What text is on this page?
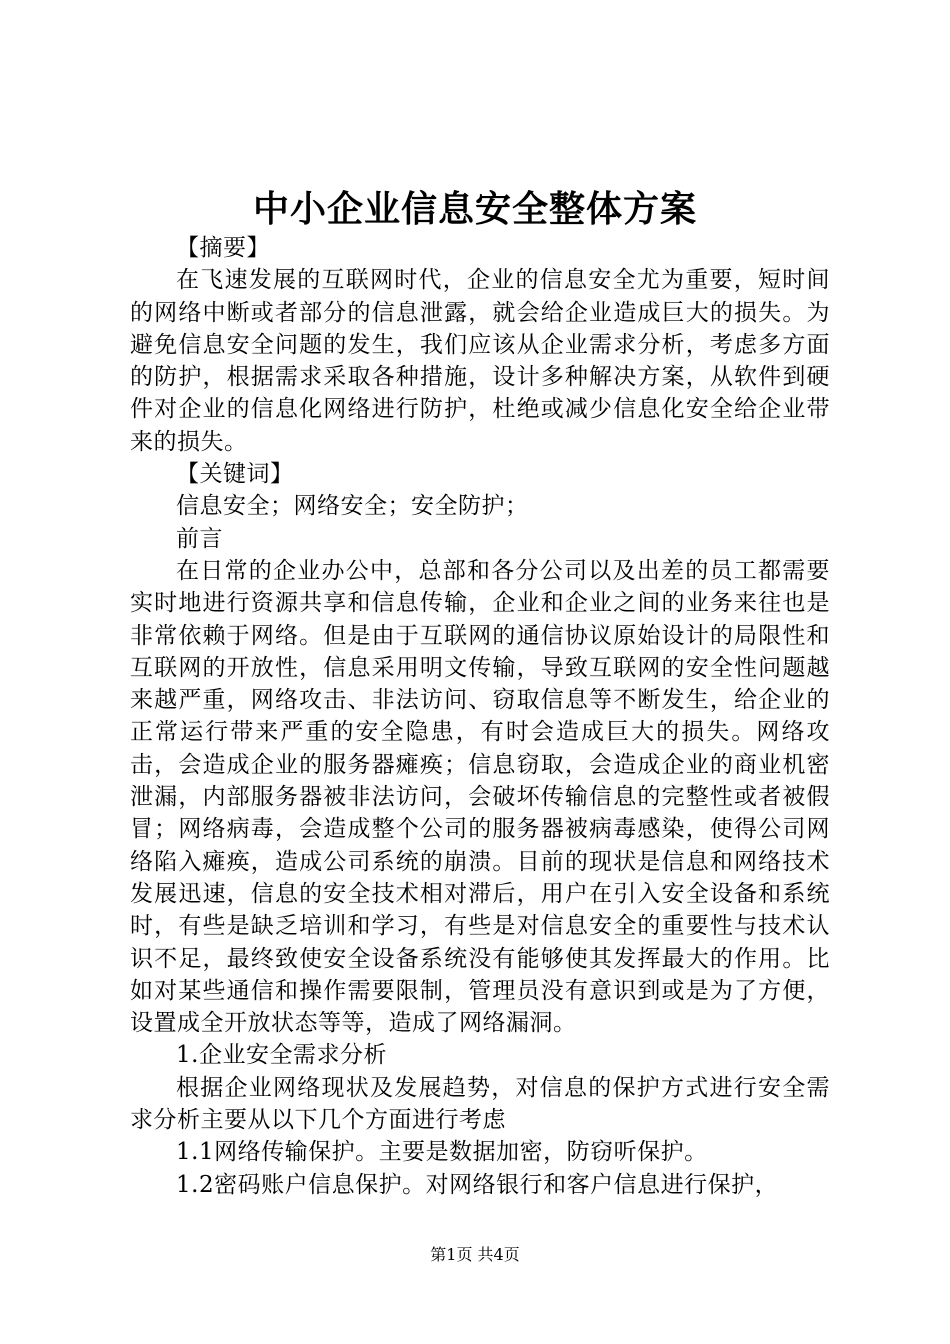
中小企业信息安全整体方案

【摘要】

在飞速发展的互联网时代，企业的信息安全尤为重要，短时间的网络中断或者部分的信息泄露，就会给企业造成巨大的损失。为避免信息安全问题的发生，我们应该从企业需求分析，考虑多方面的防护，根据需求采取各种措施，设计多种解决方案，从软件到硬件对企业的信息化网络进行防护，杜绝或减少信息化安全给企业带来的损失。

【关键词】

信息安全；网络安全；安全防护；

前言

在日常的企业办公中，总部和各分公司以及出差的员工都需要实时地进行资源共享和信息传输，企业和企业之间的业务来往也是非常依赖于网络。但是由于互联网的通信协议原始设计的局限性和互联网的开放性，信息采用明文传输，导致互联网的安全性问题越来越严重，网络攻击、非法访问、窃取信息等不断发生，给企业的正常运行带来严重的安全隐患，有时会造成巨大的损失。网络攻击，会造成企业的服务器瘫痪；信息窃取，会造成企业的商业机密泄漏，内部服务器被非法访问，会破坏传输信息的完整性或者被假冒；网络病毒，会造成整个公司的服务器被病毒感染，使得公司网络陷入瘫痪，造成公司系统的崩溃。目前的现状是信息和网络技术发展迅速，信息的安全技术相对滞后，用户在引入安全设备和系统时，有些是缺乏培训和学习，有些是对信息安全的重要性与技术认识不足，最终致使安全设备系统没有能够使其发挥最大的作用。比如对某些通信和操作需要限制，管理员没有意识到或是为了方便，设置成全开放状态等等，造成了网络漏洞。

1.企业安全需求分析

根据企业网络现状及发展趋势，对信息的保护方式进行安全需求分析主要从以下几个方面进行考虑

1.1网络传输保护。主要是数据加密，防窃听保护。

1.2密码账户信息保护。对网络银行和客户信息进行保护，

第1页 共4页
